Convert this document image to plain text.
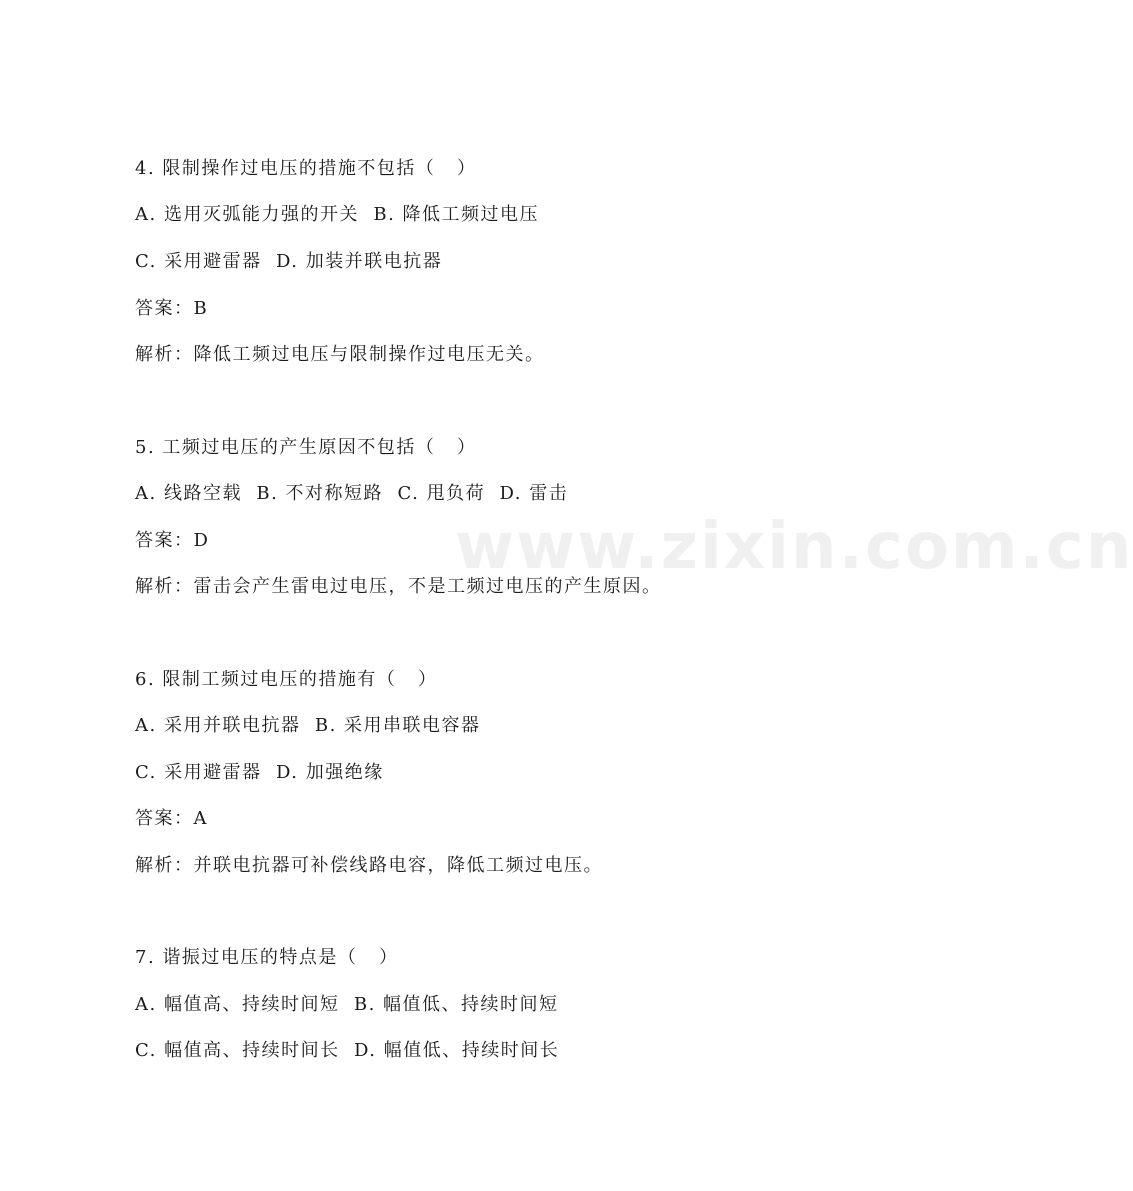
www.zixin.com.cn
4. 限制操作过电压的措施不包括（   ）
A. 选用灭弧能力强的开关  B. 降低工频过电压
C. 采用避雷器  D. 加装并联电抗器
答案：B
解析：降低工频过电压与限制操作过电压无关。
5. 工频过电压的产生原因不包括（   ）
A. 线路空载  B. 不对称短路  C. 甩负荷  D. 雷击
答案：D
解析：雷击会产生雷电过电压，不是工频过电压的产生原因。
6. 限制工频过电压的措施有（   ）
A. 采用并联电抗器  B. 采用串联电容器
C. 采用避雷器  D. 加强绝缘
答案：A
解析：并联电抗器可补偿线路电容，降低工频过电压。
7. 谐振过电压的特点是（   ）
A. 幅值高、持续时间短  B. 幅值低、持续时间短
C. 幅值高、持续时间长  D. 幅值低、持续时间长
